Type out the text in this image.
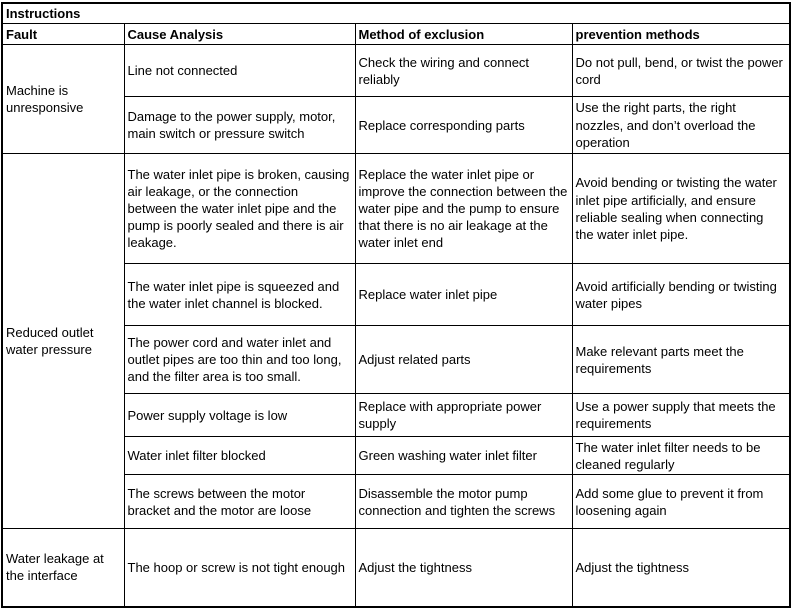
Instructions			
Fault	Cause Analysis	Method of exclusion	prevention methods
Machine is unresponsive	Line not connected	Check the wiring and connect reliably	Do not pull, bend, or twist the power cord
	Damage to the power supply, motor, main switch or pressure switch	Replace corresponding parts	Use the right parts, the right nozzles, and don’t overload the operation
Reduced outlet water pressure	The water inlet pipe is broken, causing air leakage, or the connection between the water inlet pipe and the pump is poorly sealed and there is air leakage.	Replace the water inlet pipe or improve the connection between the water pipe and the pump to ensure that there is no air leakage at the water inlet end	Avoid bending or twisting the water inlet pipe artificially, and ensure reliable sealing when connecting the water inlet pipe.
	The water inlet pipe is squeezed and the water inlet channel is blocked.	Replace water inlet pipe	Avoid artificially bending or twisting water pipes
	The power cord and water inlet and outlet pipes are too thin and too long, and the filter area is too small.	Adjust related parts	Make relevant parts meet the requirements
	Power supply voltage is low	Replace with appropriate power supply	Use a power supply that meets the requirements
	Water inlet filter blocked	Green washing water inlet filter	The water inlet filter needs to be cleaned regularly
	The screws between the motor bracket and the motor are loose	Disassemble the motor pump connection and tighten the screws	Add some glue to prevent it from loosening again
Water leakage at the interface	The hoop or screw is not tight enough	Adjust the tightness	Adjust the tightness
